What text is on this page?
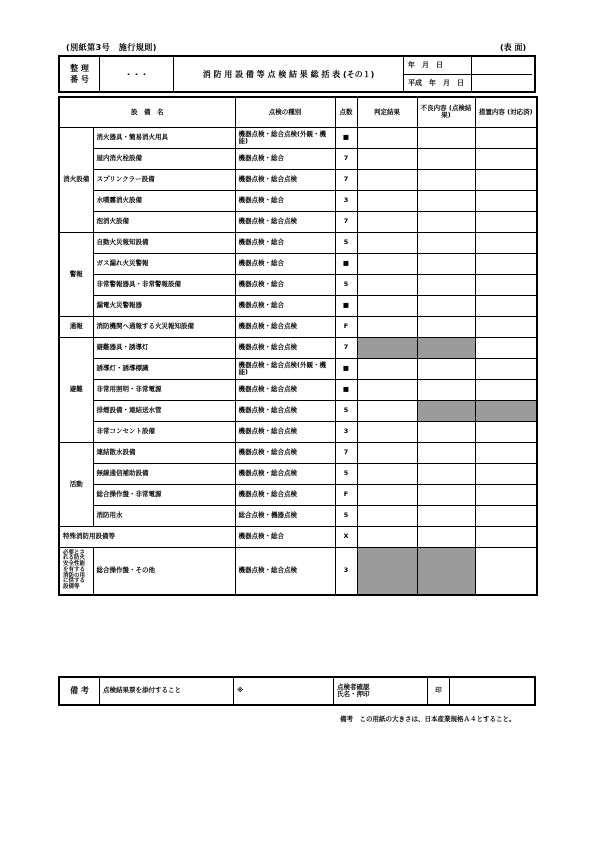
(別紙第3号　施行規則)	(表 面)
整 理
番 号
・・・	消 防 用 設 備 等 点 検 結 果 総 括 表 (その１)
年　月　日
平成　年　月　日
設　備　名		点検の種別	点数	判定結果	不良内容 (点検結果)	措置内容 (対応済)
消火設備	消火器具・簡易消火用具	機器点検・総合点検(外観・機能)	■			
	屋内消火栓設備	機器点検・総合	7			
	スプリンクラー設備	機器点検・総合点検	7			
	水噴霧消火設備	機器点検・総合	3			
	泡消火設備	機器点検・総合点検	7			
警報	自動火災報知設備	機器点検・総合	5			
	ガス漏れ火災警報	機器点検・総合	■			
	非常警報器具・非常警報設備	機器点検・総合	5			
	漏電火災警報器	機器点検・総合	■			
通報	消防機関へ通報する火災報知設備	機器点検・総合点検	F			
避難	避難器具・誘導灯	機器点検・総合点検	7			
	誘導灯・誘導標識	機器点検・総合点検(外観・機能)	■			
	非常用照明・非常電源	機器点検・総合点検	■			
	排煙設備・連結送水管	機器点検・総合点検	5			
	非常コンセント設備	機器点検・総合点検	3			
活動	連結散水設備	機器点検・総合点検	7			
	無線通信補助設備	機器点検・総合点検	5			
	総合操作盤・非常電源	機器点検・総合点検	F			
	消防用水	総合点検・機器点検	5			
特殊消防用設備等		機器点検・総合	X			
必要とされる防火安全性能を有する消防の用に供する設備等	総合操作盤・その他	機器点検・総合点検	3			
備 考	点検結果票を添付すること	※	点検者確認
氏名・押印	印
備考　この用紙の大きさは、日本産業規格Ａ４とすること。
